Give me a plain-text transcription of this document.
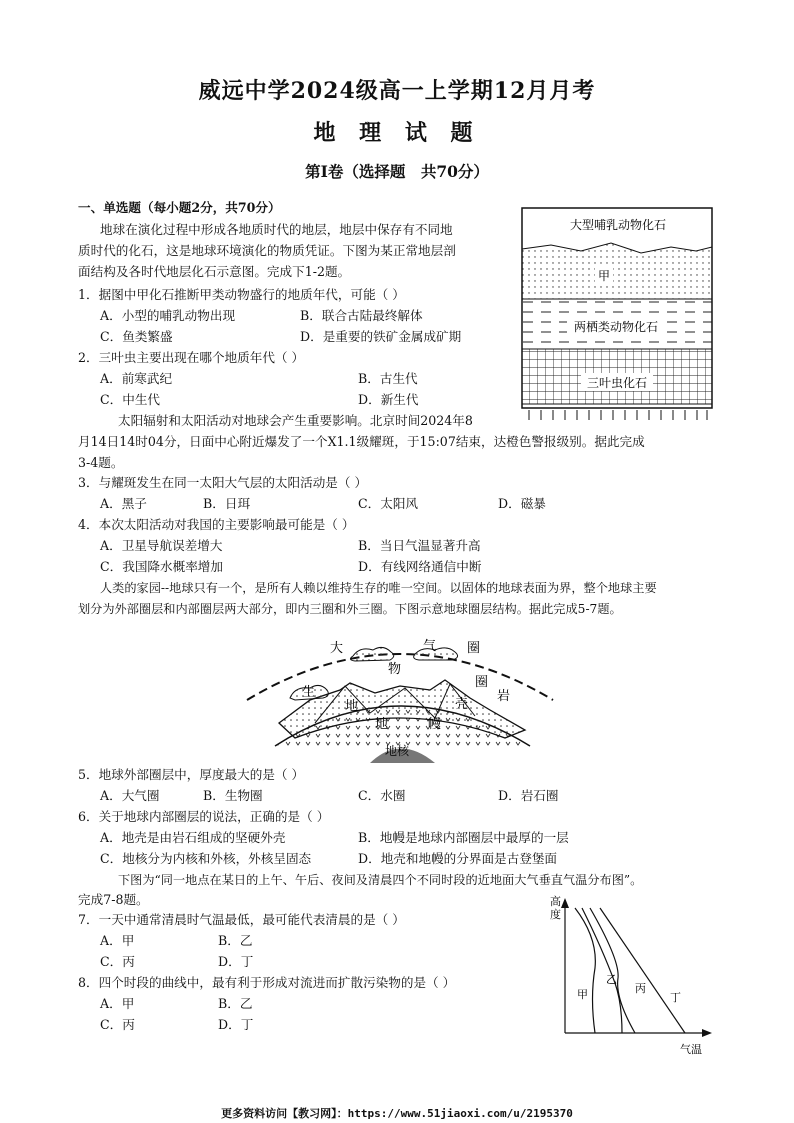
威远中学2024级高一上学期12月月考
地 理 试 题
第I卷（选择题　共70分）
一、单选题（每小题2分，共70分）
地球在演化过程中形成各地质时代的地层，地层中保存有不同地
质时代的化石，这是地球环境演化的物质凭证。下图为某正常地层剖
面结构及各时代地层化石示意图。完成下1-2题。
1．据图中甲化石推断甲类动物盛行的地质年代，可能（ ）
A．小型的哺乳动物出现	B．联合古陆最终解体
C．鱼类繁盛	D．是重要的铁矿金属成矿期
2．三叶虫主要出现在哪个地质年代（ ）
A．前寒武纪	B．古生代
C．中生代	D．新生代
太阳辐射和太阳活动对地球会产生重要影响。北京时间2024年8
月14日14时04分，日面中心附近爆发了一个X1.1级耀斑，于15:07结束，达橙色警报级别。据此完成
3-4题。
3．与耀斑发生在同一太阳大气层的太阳活动是（ ）
A．黑子	B．日珥	C．太阳风	D．磁暴
4．本次太阳活动对我国的主要影响最可能是（ ）
A．卫星导航误差增大	B．当日气温显著升高
C．我国降水概率增加	D．有线网络通信中断
人类的家园--地球只有一个，是所有人赖以维持生存的唯一空间。以固体的地球表面为界，整个地球主要
划分为外部圈层和内部圈层两大部分，即内三圈和外三圈。下图示意地球圈层结构。据此完成5-7题。
大	气 圈
物
生
圈
岩
地	壳
地	幔
地核
5．地球外部圈层中，厚度最大的是（ ）
A．大气圈	B．生物圈	C．水圈	D．岩石圈
6．关于地球内部圈层的说法，正确的是（ ）
A．地壳是由岩石组成的坚硬外壳	B．地幔是地球内部圈层中最厚的一层
C．地核分为内核和外核，外核呈固态	D．地壳和地幔的分界面是古登堡面
下图为“同一地点在某日的上午、午后、夜间及清晨四个不同时段的近地面大气垂直气温分布图”。
完成7-8题。
7．一天中通常清晨时气温最低，最可能代表清晨的是（ ）
A．甲	B．乙
C．丙	D．丁
8．四个时段的曲线中，最有利于形成对流进而扩散污染物的是（ ）
A．甲	B．乙
C．丙	D．丁
大型哺乳动物化石
甲
两栖类动物化石
三叶虫化石
高
度
气温
甲
乙
丙
丁
更多资料访问【教习网】：https://www.51jiaoxi.com/u/2195370
